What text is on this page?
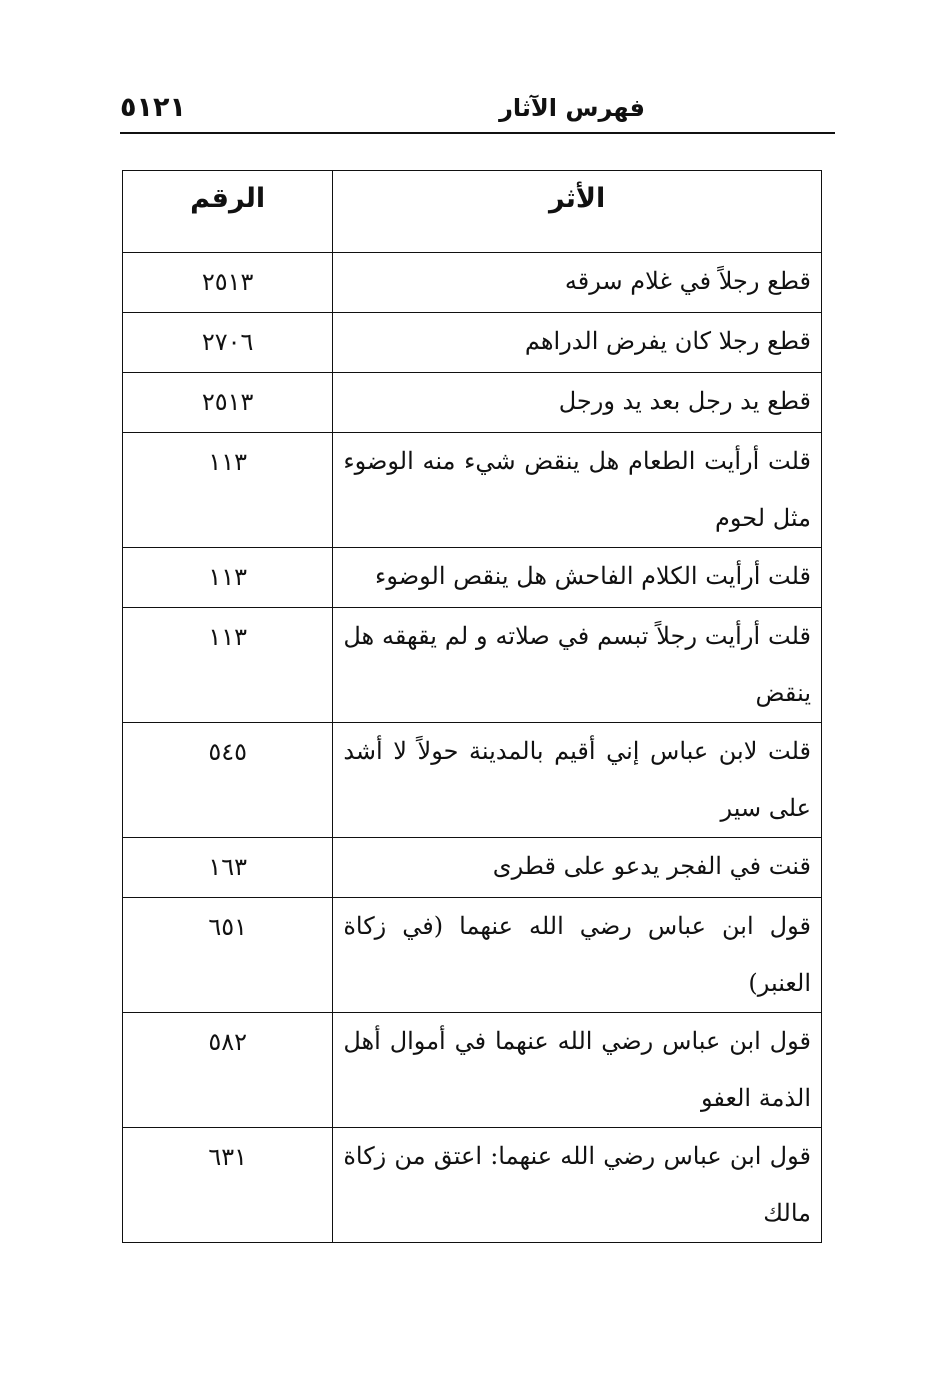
فهرس الآثار
٥١٢١
الأثر	الرقم
قطع رجلاً في غلام سرقه	٢٥١٣
قطع رجلا كان يفرض الدراهم	٢٧٠٦
قطع يد رجل بعد يد ورجل	٢٥١٣
قلت أرأيت الطعام هل ينقض شيء منه الوضوء مثل لحوم	١١٣
قلت أرأيت الكلام الفاحش هل ينقص الوضوء	١١٣
قلت أرأيت رجلاً تبسم في صلاته و لم يقهقه هل ينقض	١١٣
قلت لابن عباس إني أقيم بالمدينة حولاً لا أشد على سير	٥٤٥
قنت في الفجر يدعو على قطرى	١٦٣
قول ابن عباس رضي الله عنهما (في زكاة العنبر)	٦٥١
قول ابن عباس رضي الله عنهما في أموال أهل الذمة العفو	٥٨٢
قول ابن عباس رضي الله عنهما: اعتق من زكاة مالك	٦٣١
